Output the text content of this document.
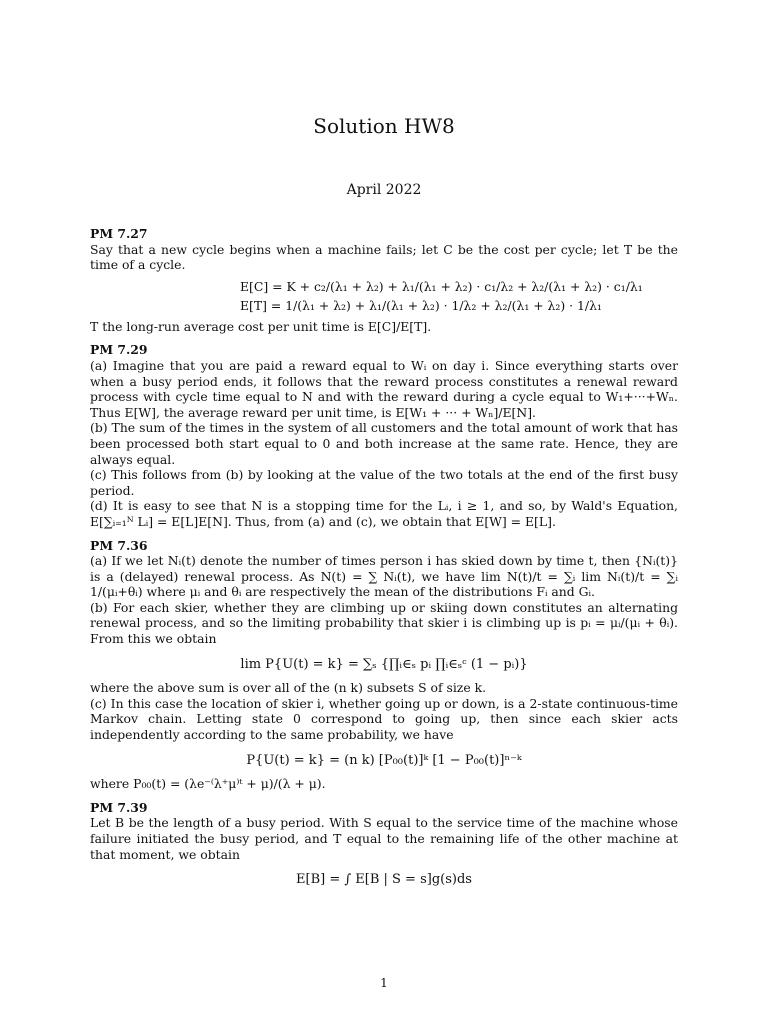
Solution HW8
April 2022
PM 7.27

Say that a new cycle begins when a machine fails; let C be the cost per cycle; let T be the time of a cycle.

E[C] = K + c₂/(λ₁ + λ₂) + λ₁/(λ₁ + λ₂) · c₁/λ₂ + λ₂/(λ₁ + λ₂) · c₁/λ₁
E[T] = 1/(λ₁ + λ₂) + λ₁/(λ₁ + λ₂) · 1/λ₂ + λ₂/(λ₁ + λ₂) · 1/λ₁

T the long-run average cost per unit time is E[C]/E[T].

PM 7.29

(a) Imagine that you are paid a reward equal to Wᵢ on day i. Since everything starts over when a busy period ends, it follows that the reward process constitutes a renewal reward process with cycle time equal to N and with the reward during a cycle equal to W₁+···+Wₙ. Thus E[W], the average reward per unit time, is E[W₁ + ··· + Wₙ]/E[N].

(b) The sum of the times in the system of all customers and the total amount of work that has been processed both start equal to 0 and both increase at the same rate. Hence, they are always equal.

(c) This follows from (b) by looking at the value of the two totals at the end of the first busy period.

(d) It is easy to see that N is a stopping time for the Lᵢ, i ≥ 1, and so, by Wald's Equation, E[∑ᵢ₌₁ᴺ Lᵢ] = E[L]E[N]. Thus, from (a) and (c), we obtain that E[W] = E[L].

PM 7.36

(a) If we let Nᵢ(t) denote the number of times person i has skied down by time t, then {Nᵢ(t)} is a (delayed) renewal process. As N(t) = ∑ Nᵢ(t), we have lim N(t)/t = ∑ᵢ lim Nᵢ(t)/t = ∑ᵢ 1/(μᵢ+θᵢ) where μᵢ and θᵢ are respectively the mean of the distributions Fᵢ and Gᵢ.

(b) For each skier, whether they are climbing up or skiing down constitutes an alternating renewal process, and so the limiting probability that skier i is climbing up is pᵢ = μᵢ/(μᵢ + θᵢ). From this we obtain

lim P{U(t) = k} = ∑ₛ {∏ᵢ∈ₛ pᵢ ∏ᵢ∈ₛᶜ (1 − pᵢ)}

where the above sum is over all of the (n k) subsets S of size k.

(c) In this case the location of skier i, whether going up or down, is a 2-state continuous-time Markov chain. Letting state 0 correspond to going up, then since each skier acts independently according to the same probability, we have

P{U(t) = k} = (n k) [P₀₀(t)]ᵏ [1 − P₀₀(t)]ⁿ⁻ᵏ

where P₀₀(t) = (λe⁻⁽λ⁺μ⁾ᵗ + μ)/(λ + μ).

PM 7.39

Let B be the length of a busy period. With S equal to the service time of the machine whose failure initiated the busy period, and T equal to the remaining life of the other machine at that moment, we obtain

E[B] = ∫ E[B | S = s]g(s)ds
1
